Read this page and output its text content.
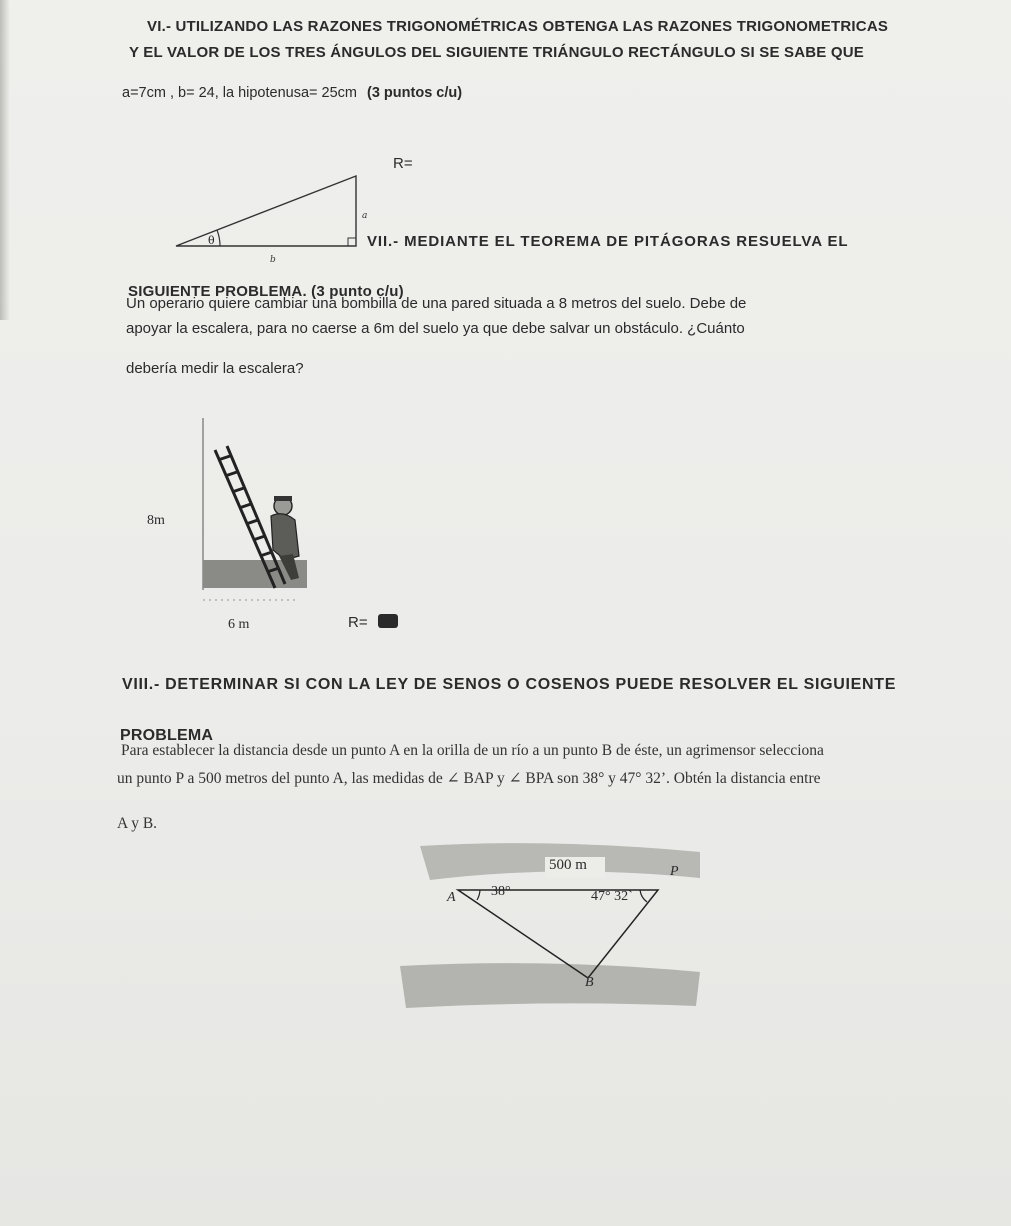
VI.- UTILIZANDO LAS RAZONES TRIGONOMÉTRICAS OBTENGA LAS RAZONES TRIGONOMETRICAS
Y EL VALOR DE LOS TRES ÁNGULOS DEL SIGUIENTE TRIÁNGULO RECTÁNGULO SI SE SABE QUE
a=7cm , b= 24, la hipotenusa= 25cm (3 puntos c/u)
R=
θ
a
b
VII.- MEDIANTE EL TEOREMA DE PITÁGORAS RESUELVA EL
SIGUIENTE PROBLEMA. (3 punto c/u)
Un operario quiere cambiar una bombilla de una pared situada a 8 metros del suelo. Debe de
apoyar la escalera, para no caerse a 6m del suelo ya que debe salvar un obstáculo. ¿Cuánto
debería medir la escalera?
8m
6 m	R=
VIII.- DETERMINAR SI CON LA LEY DE SENOS O COSENOS PUEDE RESOLVER EL SIGUIENTE
PROBLEMA
Para establecer la distancia desde un punto A en la orilla de un río a un punto B de éste, un agrimensor selecciona
un punto P a 500 metros del punto A, las medidas de ∠ BAP y ∠ BPA son 38° y 47° 32’. Obtén la distancia entre
A y B.
500 m	P
A	38°	47° 32`
B
